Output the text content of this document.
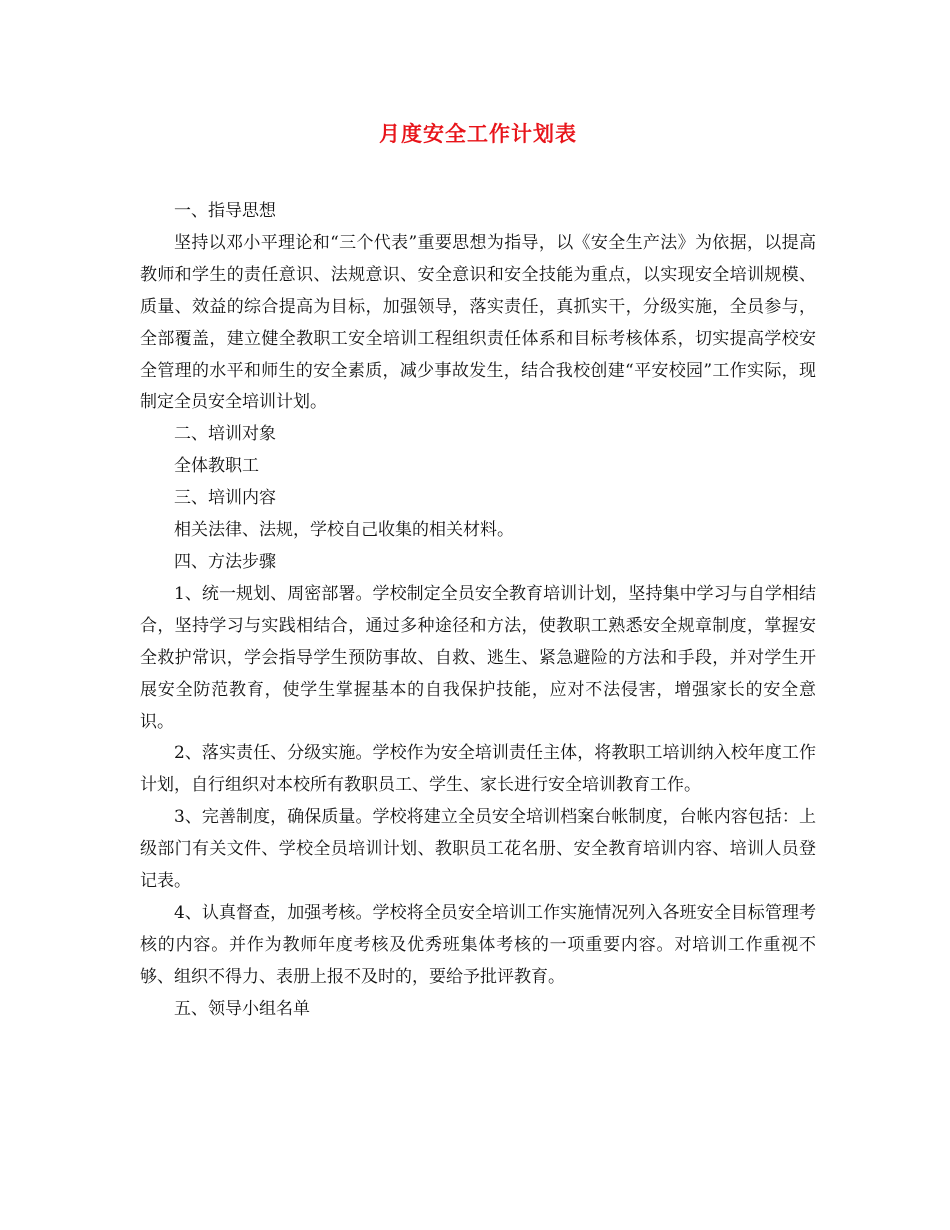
月度安全工作计划表

一、指导思想

坚持以邓小平理论和“三个代表”重要思想为指导，以《安全生产法》为依据，以提高教师和学生的责任意识、法规意识、安全意识和安全技能为重点，以实现安全培训规模、质量、效益的综合提高为目标，加强领导，落实责任，真抓实干，分级实施，全员参与，全部覆盖，建立健全教职工安全培训工程组织责任体系和目标考核体系，切实提高学校安全管理的水平和师生的安全素质，减少事故发生，结合我校创建“平安校园”工作实际，现制定全员安全培训计划。

二、培训对象

全体教职工

三、培训内容

相关法律、法规，学校自己收集的相关材料。

四、方法步骤

1、统一规划、周密部署。学校制定全员安全教育培训计划，坚持集中学习与自学相结合，坚持学习与实践相结合，通过多种途径和方法，使教职工熟悉安全规章制度，掌握安全救护常识，学会指导学生预防事故、自救、逃生、紧急避险的方法和手段，并对学生开展安全防范教育，使学生掌握基本的自我保护技能，应对不法侵害，增强家长的安全意识。

2、落实责任、分级实施。学校作为安全培训责任主体，将教职工培训纳入校年度工作计划，自行组织对本校所有教职员工、学生、家长进行安全培训教育工作。

3、完善制度，确保质量。学校将建立全员安全培训档案台帐制度，台帐内容包括：上级部门有关文件、学校全员培训计划、教职员工花名册、安全教育培训内容、培训人员登记表。

4、认真督查，加强考核。学校将全员安全培训工作实施情况列入各班安全目标管理考核的内容。并作为教师年度考核及优秀班集体考核的一项重要内容。对培训工作重视不够、组织不得力、表册上报不及时的，要给予批评教育。

五、领导小组名单
